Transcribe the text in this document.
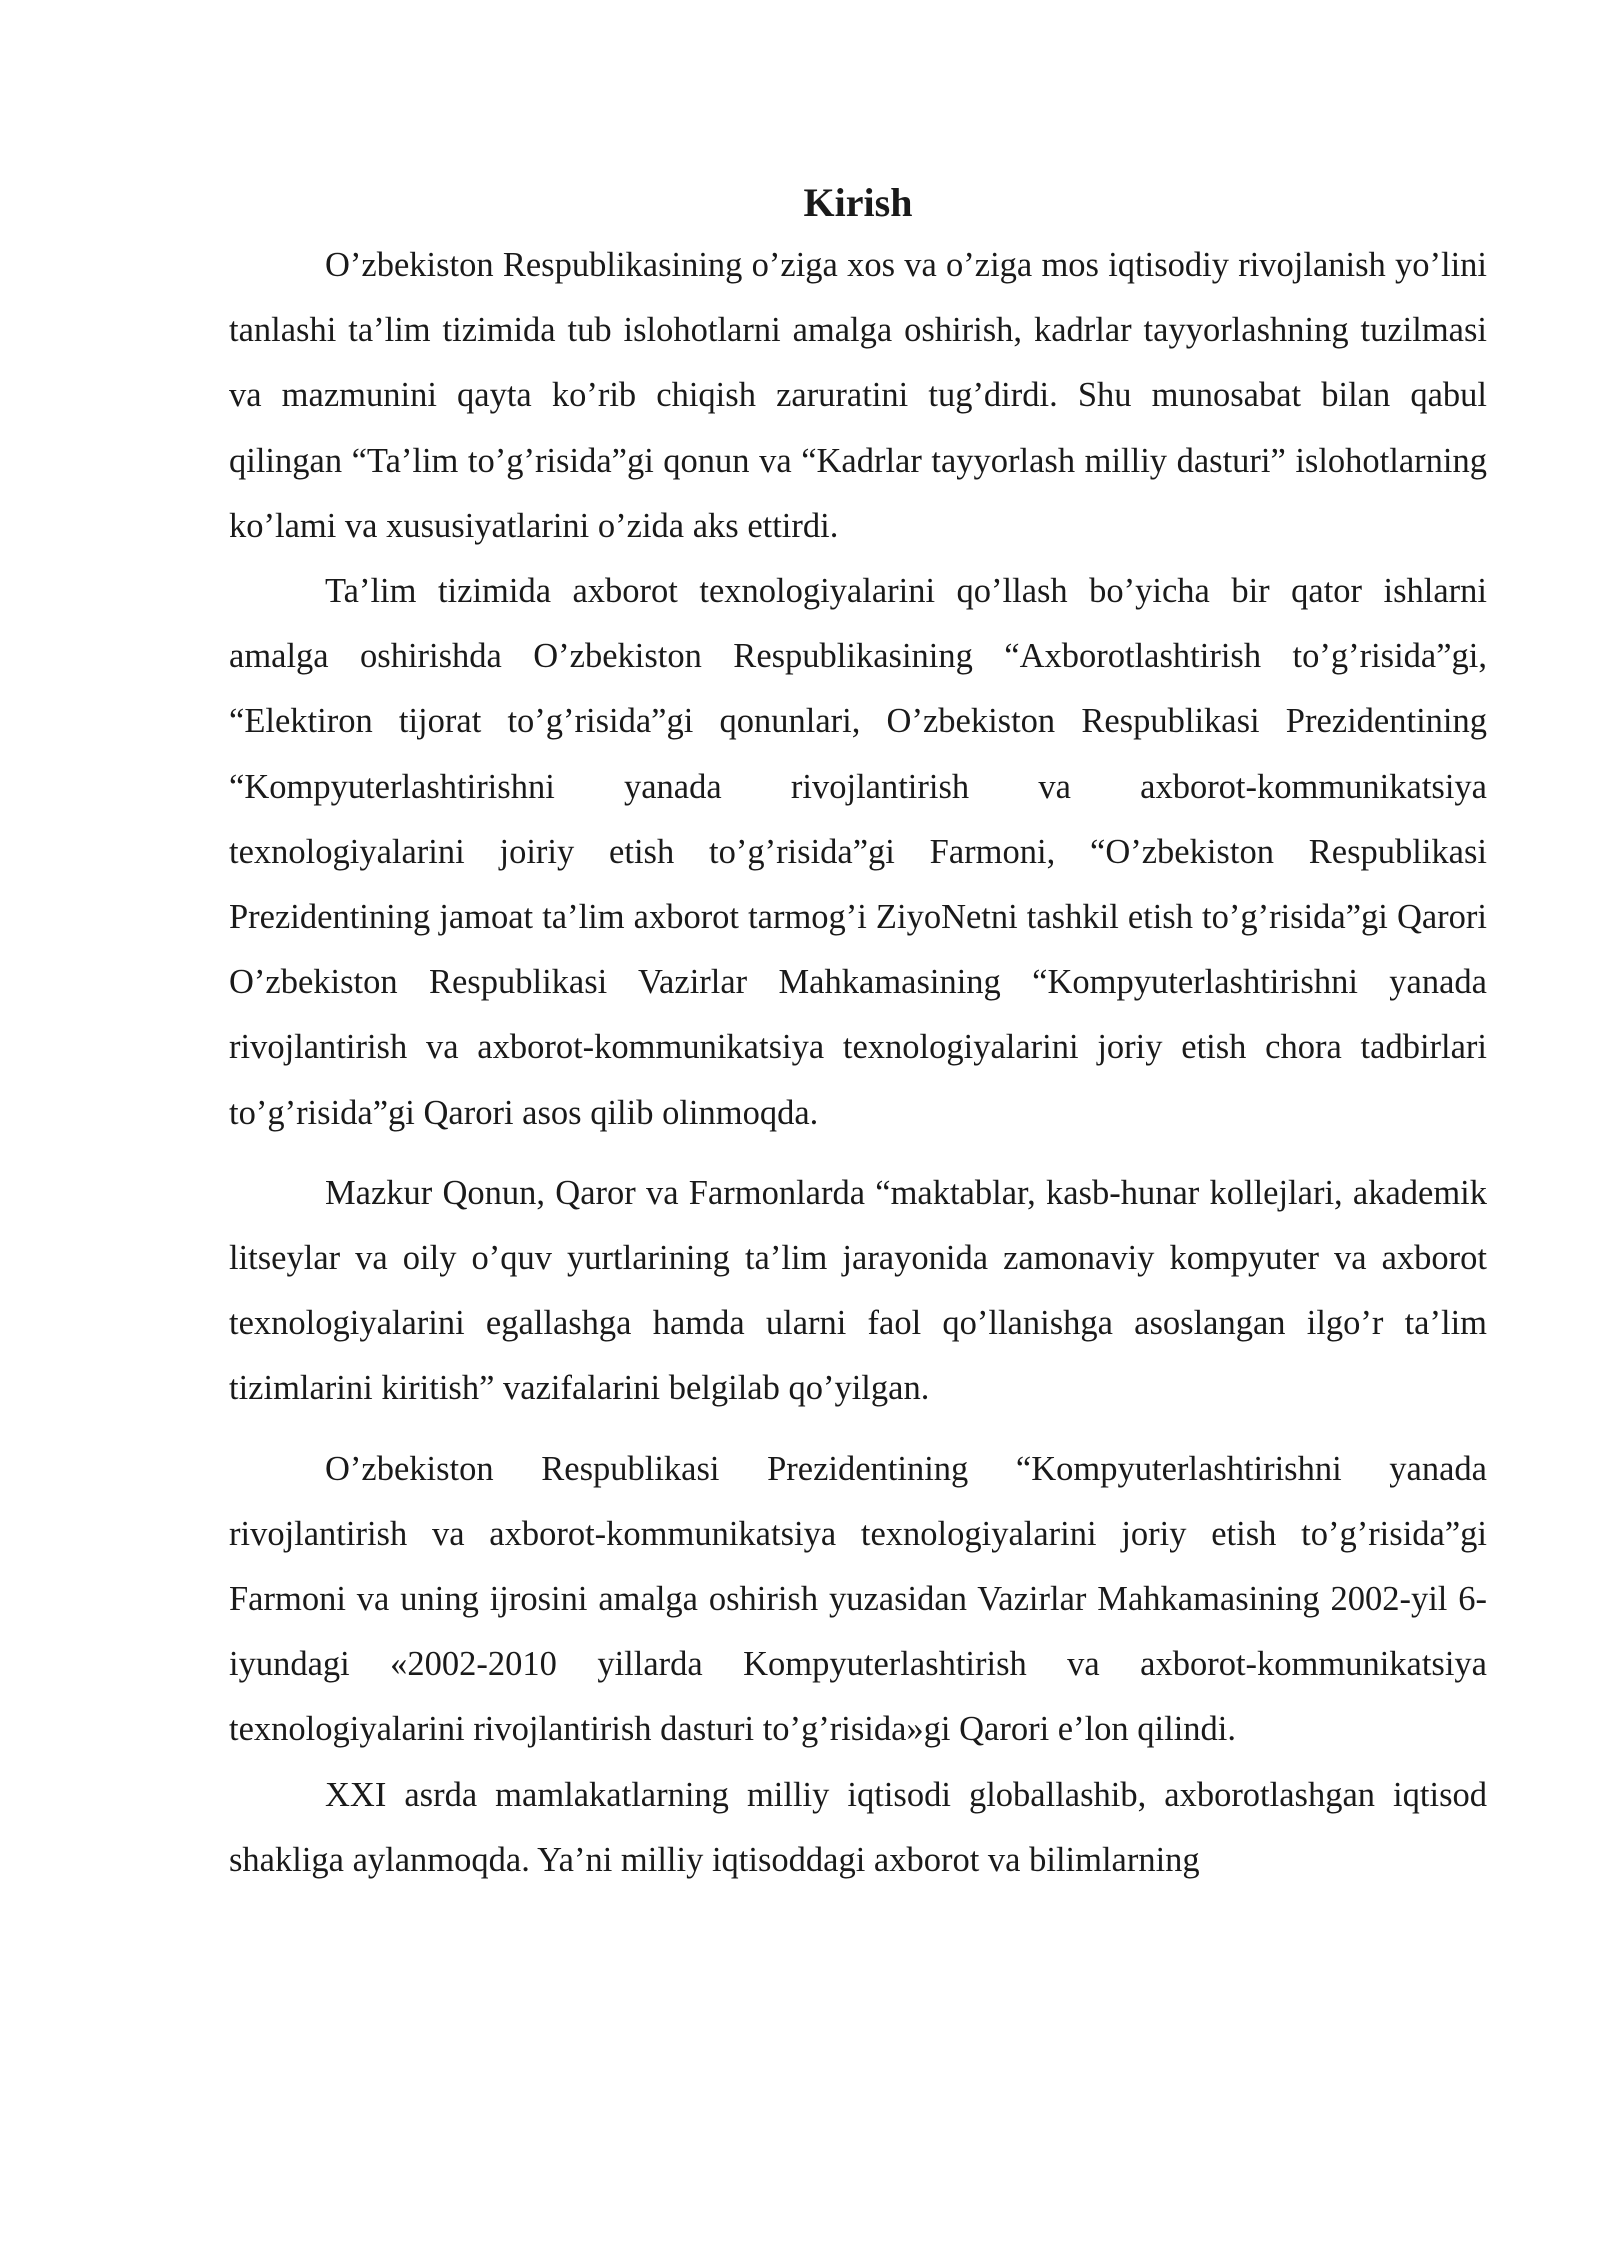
Kirish

O’zbekiston Respublikasining o’ziga xos va o’ziga mos iqtisodiy rivojlanish yo’lini tanlashi ta’lim tizimida tub islohotlarni amalga oshirish, kadrlar tayyorlashning tuzilmasi va mazmunini qayta ko’rib chiqish zaruratini tug’dirdi. Shu munosabat bilan qabul qilingan “Ta’lim to’g’risida”gi qonun va “Kadrlar tayyorlash milliy dasturi” islohotlarning ko’lami va xususiyatlarini o’zida aks ettirdi.

Ta’lim tizimida axborot texnologiyalarini qo’llash bo’yicha bir qator ishlarni amalga oshirishda O’zbekiston Respublikasining “Axborotlashtirish to’g’risida”gi, “Elektiron tijorat to’g’risida”gi qonunlari, O’zbekiston Respublikasi Prezidentining “Kompyuterlashtirishni yanada rivojlantirish va axborot-kommunikatsiya texnologiyalarini joiriy etish to’g’risida”gi Farmoni, “O’zbekiston Respublikasi Prezidentining jamoat ta’lim axborot tarmog’i ZiyoNetni tashkil etish to’g’risida”gi Qarori O’zbekiston Respublikasi Vazirlar Mahkamasining “Kompyuterlashtirishni yanada rivojlantirish va axborot-kommunikatsiya texnologiyalarini joriy etish chora tadbirlari to’g’risida”gi Qarori asos qilib olinmoqda.

Mazkur Qonun, Qaror va Farmonlarda “maktablar, kasb-hunar kollejlari, akademik litseylar va oily o’quv yurtlarining ta’lim jarayonida zamonaviy kompyuter va axborot texnologiyalarini egallashga hamda ularni faol qo’llanishga asoslangan ilgo’r ta’lim tizimlarini kiritish” vazifalarini belgilab qo’yilgan.

O’zbekiston Respublikasi Prezidentining “Kompyuterlashtirishni yanada rivojlantirish va axborot-kommunikatsiya texnologiyalarini joriy etish to’g’risida”gi Farmoni va uning ijrosini amalga oshirish yuzasidan Vazirlar Mahkamasining 2002-yil 6-iyundagi «2002-2010 yillarda Kompyuterlashtirish va axborot-kommunikatsiya texnologiyalarini rivojlantirish dasturi to’g’risida»gi Qarori e’lon qilindi.

XXI asrda mamlakatlarning milliy iqtisodi globallashib, axborotlashgan iqtisod shakliga aylanmoqda. Ya’ni milliy iqtisoddagi axborot va bilimlarning
